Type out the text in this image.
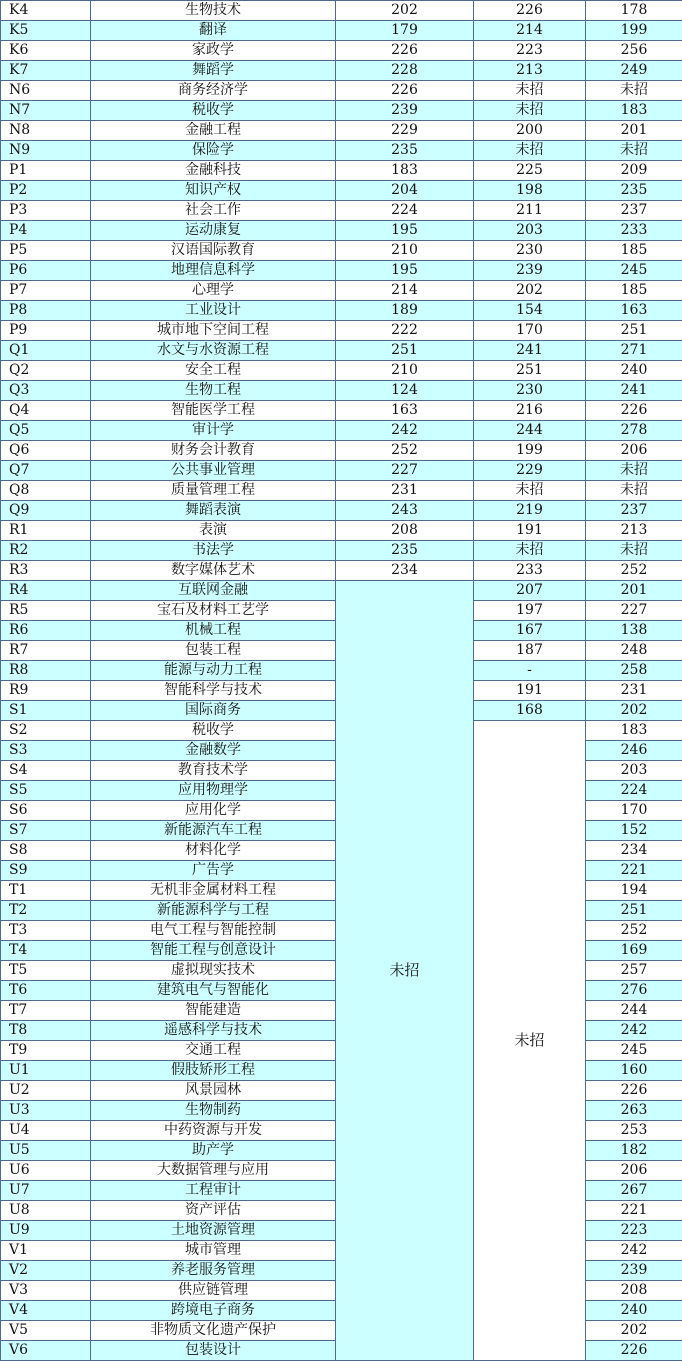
K4	生物技术	202	226	178
K5	翻译	179	214	199
K6	家政学	226	223	256
K7	舞蹈学	228	213	249
N6	商务经济学	226	未招	未招
N7	税收学	239	未招	183
N8	金融工程	229	200	201
N9	保险学	235	未招	未招
P1	金融科技	183	225	209
P2	知识产权	204	198	235
P3	社会工作	224	211	237
P4	运动康复	195	203	233
P5	汉语国际教育	210	230	185
P6	地理信息科学	195	239	245
P7	心理学	214	202	185
P8	工业设计	189	154	163
P9	城市地下空间工程	222	170	251
Q1	水文与水资源工程	251	241	271
Q2	安全工程	210	251	240
Q3	生物工程	124	230	241
Q4	智能医学工程	163	216	226
Q5	审计学	242	244	278
Q6	财务会计教育	252	199	206
Q7	公共事业管理	227	229	未招
Q8	质量管理工程	231	未招	未招
Q9	舞蹈表演	243	219	237
R1	表演	208	191	213
R2	书法学	235	未招	未招
R3	数字媒体艺术	234	233	252
R4	互联网金融	未招	207	201
R5	宝石及材料工艺学		197	227
R6	机械工程		167	138
R7	包装工程		187	248
R8	能源与动力工程		-	258
R9	智能科学与技术		191	231
S1	国际商务		168	202
S2	税收学		未招	183
S3	金融数学			246
S4	教育技术学			203
S5	应用物理学			224
S6	应用化学			170
S7	新能源汽车工程			152
S8	材料化学			234
S9	广告学			221
T1	无机非金属材料工程			194
T2	新能源科学与工程			251
T3	电气工程与智能控制			252
T4	智能工程与创意设计			169
T5	虚拟现实技术			257
T6	建筑电气与智能化			276
T7	智能建造			244
T8	遥感科学与技术			242
T9	交通工程			245
U1	假肢矫形工程			160
U2	风景园林			226
U3	生物制药			263
U4	中药资源与开发			253
U5	助产学			182
U6	大数据管理与应用			206
U7	工程审计			267
U8	资产评估			221
U9	土地资源管理			223
V1	城市管理			242
V2	养老服务管理			239
V3	供应链管理			208
V4	跨境电子商务			240
V5	非物质文化遗产保护			202
V6	包装设计			226
